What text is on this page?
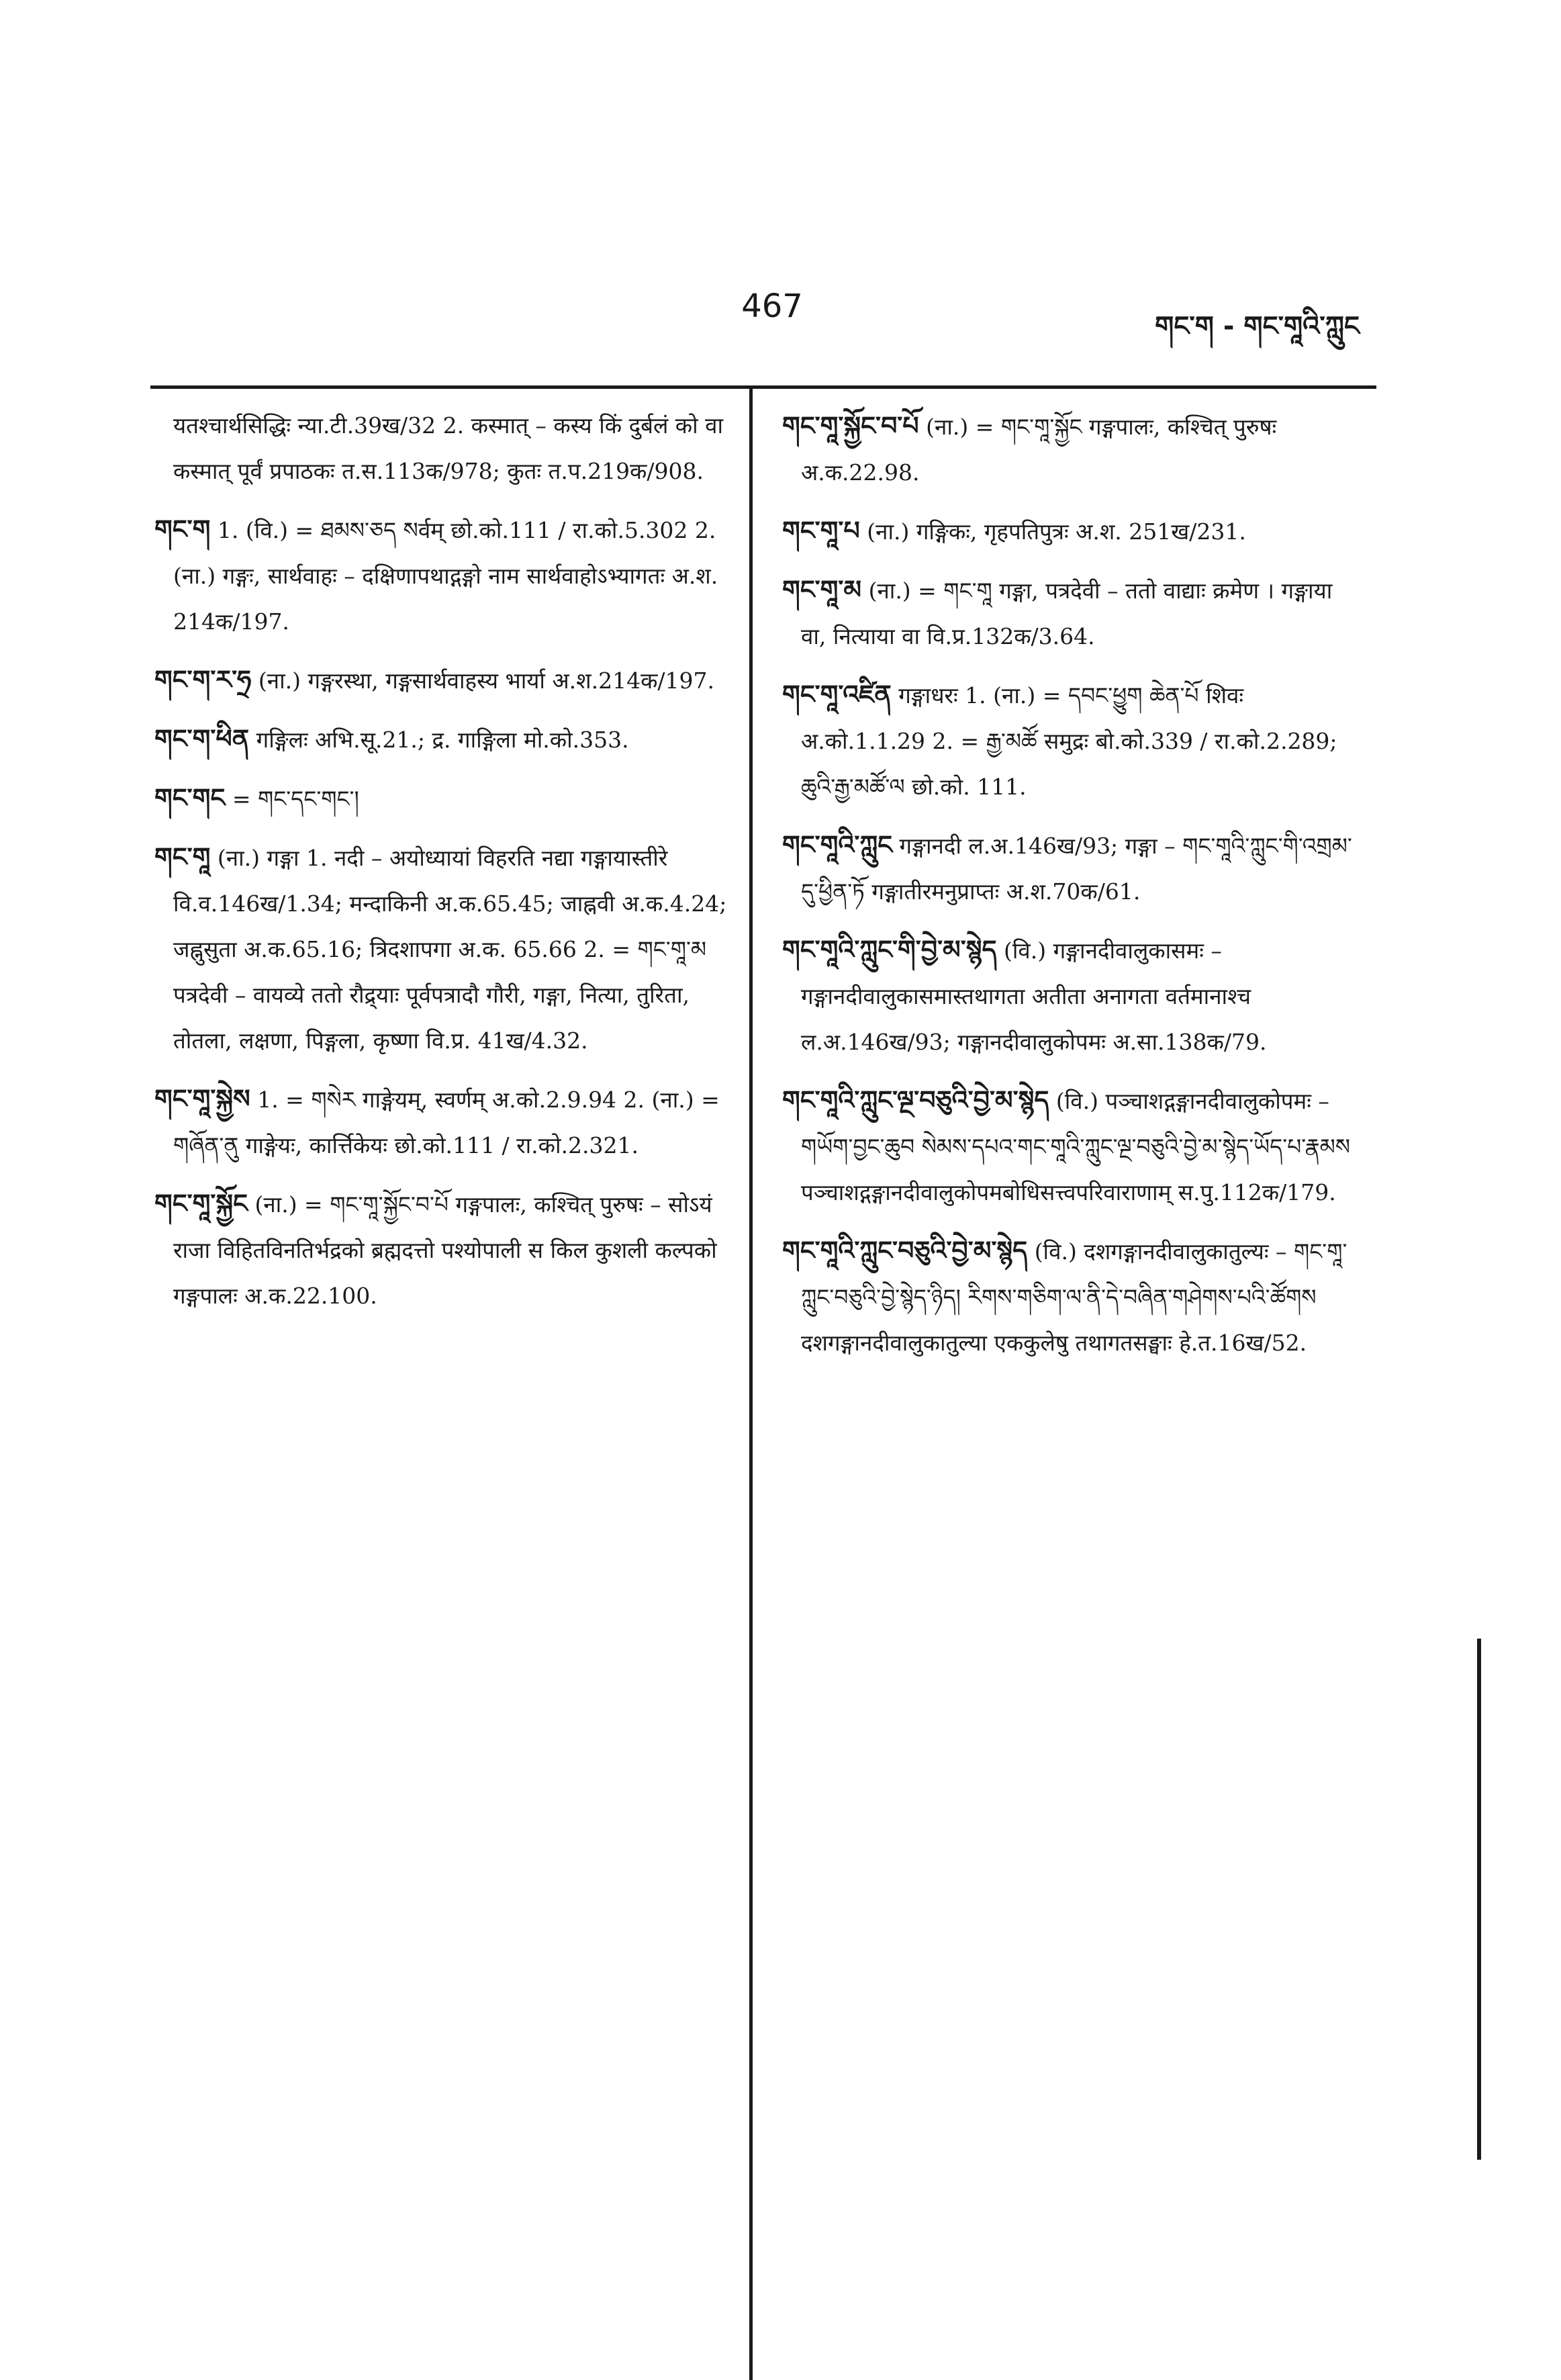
467
གང་ག - གང་གཱའི་ཀླུང

यतश्चार्थसिद्धिः न्या.टी.39ख/32 2. कस्मात् – कस्य किं दुर्बलं को वा कस्मात् पूर्वं प्रपाठकः त.स.113क/978; कुतः त.प.219क/908.

གང་ག 1. (वि.) = ཐམས་ཅད སर्वम् छो.को.111 / रा.को.5.302 2. (ना.) गङ्गः, सार्थवाहः – दक्षिणापथाद्गङ्गो नाम सार्थवाहोऽभ्यागतः अ.श. 214क/197.

གང་ག་ར་ཧྲ (ना.) गङ्गरस्था, गङ्गसार्थवाहस्य भार्या अ.श.214क/197.

གང་ག་ཕིན गङ्गिलः अभि.सू.21.; द्र. गाङ्गिला मो.को.353.

གང་གང = གང་དང་གང་།

གང་གཱ (ना.) गङ्गा 1. नदी – अयोध्यायां विहरति नद्या गङ्गायास्तीरे वि.व.146ख/1.34; मन्दाकिनी अ.क.65.45; जाह्नवी अ.क.4.24; जह्नुसुता अ.क.65.16; त्रिदशापगा अ.क. 65.66 2. = གང་གཱ་མ पत्रदेवी – वायव्ये ततो रौद्र्याः पूर्वपत्रादौ गौरी, गङ्गा, नित्या, तुरिता, तोतला, लक्षणा, पिङ्गला, कृष्णा वि.प्र. 41ख/4.32.

གང་གཱ་སྐྱེས 1. = གསེར गाङ्गेयम्, स्वर्णम् अ.को.2.9.94 2. (ना.) = གཞོན་ནུ गाङ्गेयः, कार्त्तिकेयः छो.को.111 / रा.को.2.321.

གང་གཱ་སྐྱོང (ना.) = གང་གཱ་སྐྱོང་བ་པོ गङ्गपालः, कश्चित् पुरुषः – सोऽयं राजा विहितविनतिर्भद्रको ब्रह्मदत्तो पश्योपाली स किल कुशली कल्पको गङ्गपालः अ.क.22.100.

གང་གཱ་སྐྱོང་བ་པོ (ना.) = གང་གཱ་སྐྱོང गङ्गपालः, कश्चित् पुरुषः अ.क.22.98.

གང་གཱ་པ (ना.) गङ्गिकः, गृहपतिपुत्रः अ.श. 251ख/231.

གང་གཱ་མ (ना.) = གང་གཱ गङ्गा, पत्रदेवी – ततो वाद्याः क्रमेण । गङ्गाया वा, नित्याया वा वि.प्र.132क/3.64.

གང་གཱ་འཛིན गङ्गाधरः 1. (ना.) = དབང་ཕྱུག ཆེན་པོ शिवः अ.को.1.1.29 2. = རྒྱ་མཚོ समुद्रः बो.को.339 / रा.को.2.289; ཆུའི་རྒྱ་མཚོ་ལ छो.को. 111.

གང་གཱའི་ཀླུང गङ्गानदी ल.अ.146ख/93; गङ्गा – གང་གཱའི་ཀླུང་གི་འགྲམ་དུ་ཕྱིན་ཏོ गङ्गातीरमनुप्राप्तः अ.श.70क/61.

གང་གཱའི་ཀླུང་གི་བྱེ་མ་སྙེད (वि.) गङ्गानदीवालुकासमः – गङ्गानदीवालुकासमास्तथागता अतीता अनागता वर्तमानाश्च ल.अ.146ख/93; गङ्गानदीवालुकोपमः अ.सा.138क/79.

གང་གཱའི་ཀླུང་ལྔ་བཅུའི་བྱེ་མ་སྙེད (वि.) पञ्चाशद्गङ्गानदीवालुकोपमः – གཡོག་བྱང་ཆུབ སེམས་དཔའ་གང་གཱའི་ཀླུང་ལྔ་བཅུའི་བྱེ་མ་སྙེད་ཡོད་པ་རྣམས पञ्चाशद्गङ्गानदीवालुकोपमबोधिसत्त्वपरिवाराणाम् स.पु.112क/179.

གང་གཱའི་ཀླུང་བཅུའི་བྱེ་མ་སྙེད (वि.) दशगङ्गानदीवालुकातुल्यः – གང་གཱ་ཀླུང་བཅུའི་བྱེ་སྙེད་ཉིད། རིགས་གཅིག་ལ་ནི་དེ་བཞིན་གཤེགས་པའི་ཚོགས दशगङ्गानदीवालुकातुल्या एककुलेषु तथागतसङ्घाः हे.त.16ख/52.
